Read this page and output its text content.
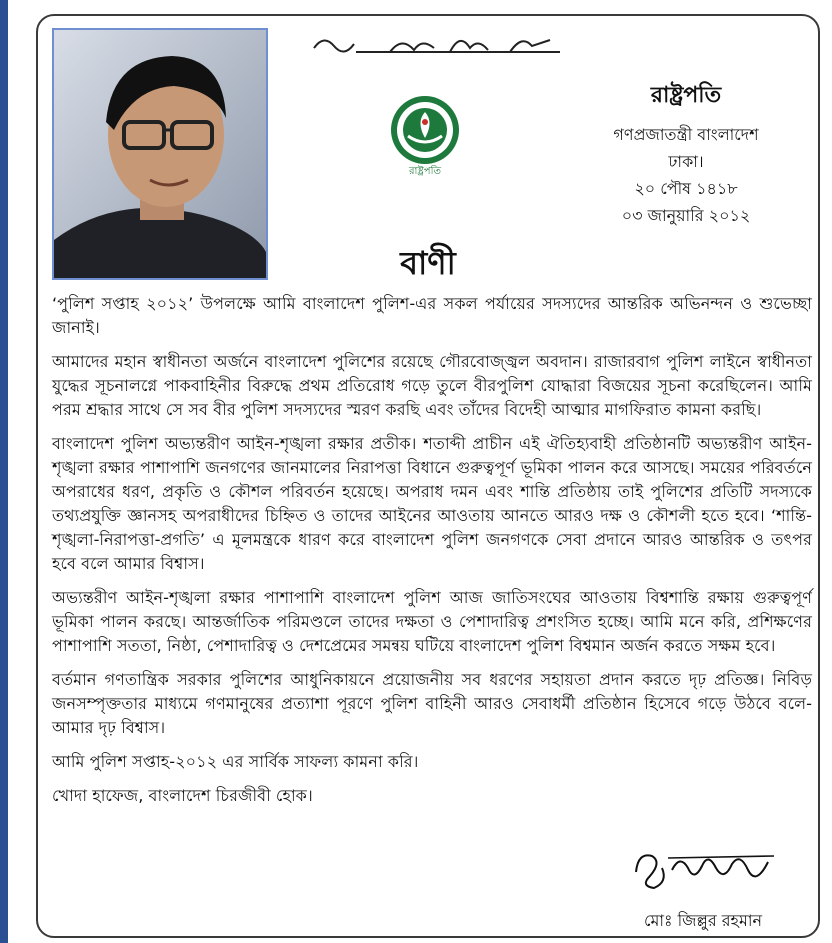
রাষ্ট্রপতি
রাষ্ট্রপতি
গণপ্রজাতন্ত্রী বাংলাদেশ
ঢাকা।
২০ পৌষ ১৪১৮
০৩ জানুয়ারি ২০১২
বাণী

‘পুলিশ সপ্তাহ ২০১২’ উপলক্ষে আমি বাংলাদেশ পুলিশ-এর সকল পর্যায়ের সদস্যদের আন্তরিক অভিনন্দন ও শুভেচ্ছা জানাই।

আমাদের মহান স্বাধীনতা অর্জনে বাংলাদেশ পুলিশের রয়েছে গৌরবোজ্জ্বল অবদান। রাজারবাগ পুলিশ লাইনে স্বাধীনতা যুদ্ধের সূচনালগ্নে পাকবাহিনীর বিরুদ্ধে প্রথম প্রতিরোধ গড়ে তুলে বীরপুলিশ যোদ্ধারা বিজয়ের সূচনা করেছিলেন। আমি পরম শ্রদ্ধার সাথে সে সব বীর পুলিশ সদস্যদের স্মরণ করছি এবং তাঁদের বিদেহী আত্মার মাগফিরাত কামনা করছি।

বাংলাদেশ পুলিশ অভ্যন্তরীণ আইন-শৃঙ্খলা রক্ষার প্রতীক। শতাব্দী প্রাচীন এই ঐতিহ্যবাহী প্রতিষ্ঠানটি অভ্যন্তরীণ আইন-শৃঙ্খলা রক্ষার পাশাপাশি জনগণের জানমালের নিরাপত্তা বিধানে গুরুত্বপূর্ণ ভূমিকা পালন করে আসছে। সময়ের পরিবর্তনে অপরাধের ধরণ, প্রকৃতি ও কৌশল পরিবর্তন হয়েছে। অপরাধ দমন এবং শান্তি প্রতিষ্ঠায় তাই পুলিশের প্রতিটি সদস্যকে তথ্যপ্রযুক্তি জ্ঞানসহ অপরাধীদের চিহ্নিত ও তাদের আইনের আওতায় আনতে আরও দক্ষ ও কৌশলী হতে হবে। ‘শান্তি-শৃঙ্খলা-নিরাপত্তা-প্রগতি’ এ মূলমন্ত্রকে ধারণ করে বাংলাদেশ পুলিশ জনগণকে সেবা প্রদানে আরও আন্তরিক ও তৎপর হবে বলে আমার বিশ্বাস।

অভ্যন্তরীণ আইন-শৃঙ্খলা রক্ষার পাশাপাশি বাংলাদেশ পুলিশ আজ জাতিসংঘের আওতায় বিশ্বশান্তি রক্ষায় গুরুত্বপূর্ণ ভূমিকা পালন করছে। আন্তর্জাতিক পরিমণ্ডলে তাদের দক্ষতা ও পেশাদারিত্ব প্রশংসিত হচ্ছে। আমি মনে করি, প্রশিক্ষণের পাশাপাশি সততা, নিষ্ঠা, পেশাদারিত্ব ও দেশপ্রেমের সমন্বয় ঘটিয়ে বাংলাদেশ পুলিশ বিশ্বমান অর্জন করতে সক্ষম হবে।

বর্তমান গণতান্ত্রিক সরকার পুলিশের আধুনিকায়নে প্রয়োজনীয় সব ধরণের সহায়তা প্রদান করতে দৃঢ় প্রতিজ্ঞ। নিবিড় জনসম্পৃক্ততার মাধ্যমে গণমানুষের প্রত্যাশা পূরণে পুলিশ বাহিনী আরও সেবাধর্মী প্রতিষ্ঠান হিসেবে গড়ে উঠবে বলে-আমার দৃঢ় বিশ্বাস।

আমি পুলিশ সপ্তাহ-২০১২ এর সার্বিক সাফল্য কামনা করি।

খোদা হাফেজ, বাংলাদেশ চিরজীবী হোক।

মোঃ জিল্লুর রহমান
